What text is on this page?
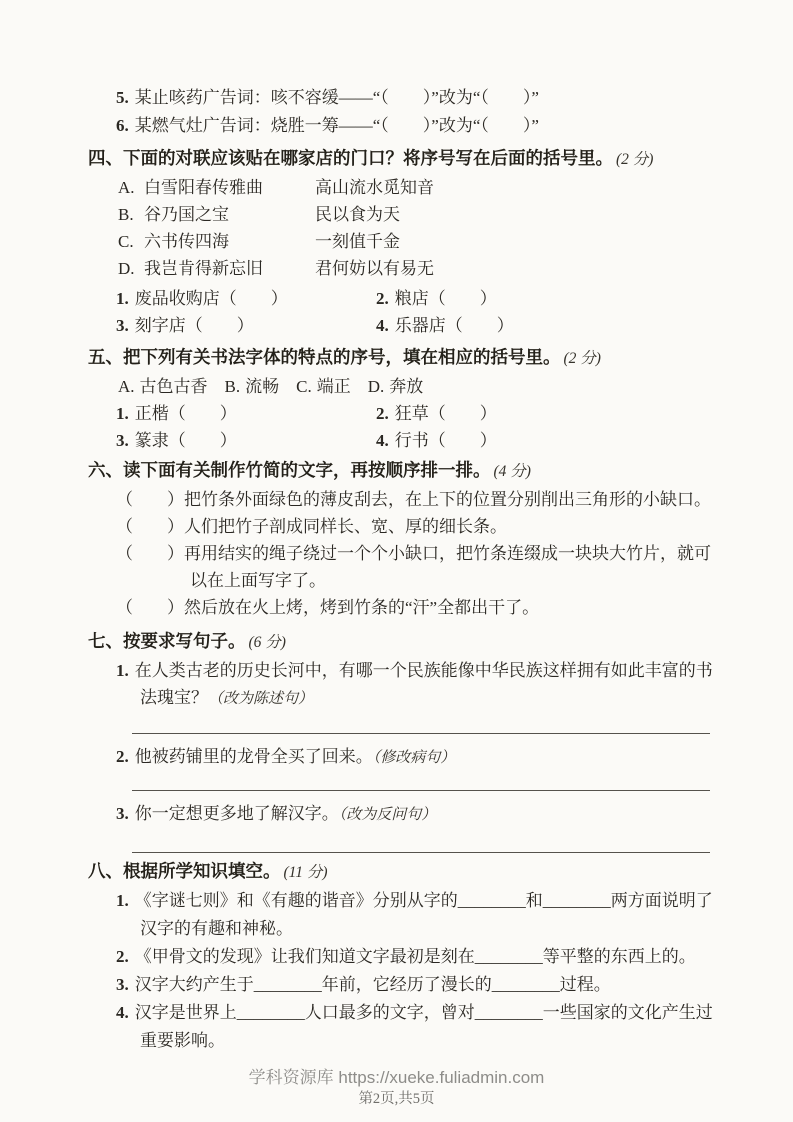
5. 某止咳药广告词：咳不容缓——“（　　）”改为“（　　）”
6. 某燃气灶广告词：烧胜一筹——“（　　）”改为“（　　）”
四、下面的对联应该贴在哪家店的门口？将序号写在后面的括号里。 (2 分)
A. 白雪阳春传雅曲	高山流水觅知音
B. 谷乃国之宝	民以食为天
C. 六书传四海	一刻值千金
D. 我岂肯得新忘旧	君何妨以有易无
1. 废品收购店（　　）	2. 粮店（　　）
3. 刻字店（　　）	4. 乐器店（　　）
五、把下列有关书法字体的特点的序号，填在相应的括号里。 (2 分)
A. 古色古香 B. 流畅 C. 端正 D. 奔放
1. 正楷（　　）	2. 狂草（　　）
3. 篆隶（　　）	4. 行书（　　）
六、读下面有关制作竹简的文字，再按顺序排一排。 (4 分)
（　　）把竹条外面绿色的薄皮刮去，在上下的位置分别削出三角形的小缺口。
（　　）人们把竹子剖成同样长、宽、厚的细长条。
（　　）再用结实的绳子绕过一个个小缺口，把竹条连缀成一块块大竹片，就可以在上面写字了。
（　　）然后放在火上烤，烤到竹条的“汗”全都出干了。
七、按要求写句子。 (6 分)
1. 在人类古老的历史长河中，有哪一个民族能像中华民族这样拥有如此丰富的书法瑰宝？（改为陈述句）
2. 他被药铺里的龙骨全买了回来。（修改病句）
3. 你一定想更多地了解汉字。（改为反问句）
八、根据所学知识填空。 (11 分)
1. 《字谜七则》和《有趣的谐音》分别从字的________和________两方面说明了汉字的有趣和神秘。
2. 《甲骨文的发现》让我们知道文字最初是刻在________等平整的东西上的。
3. 汉字大约产生于________年前，它经历了漫长的________过程。
4. 汉字是世界上________人口最多的文字，曾对________一些国家的文化产生过重要影响。
学科资源库 https://xueke.fuliadmin.com
第2页,共5页
